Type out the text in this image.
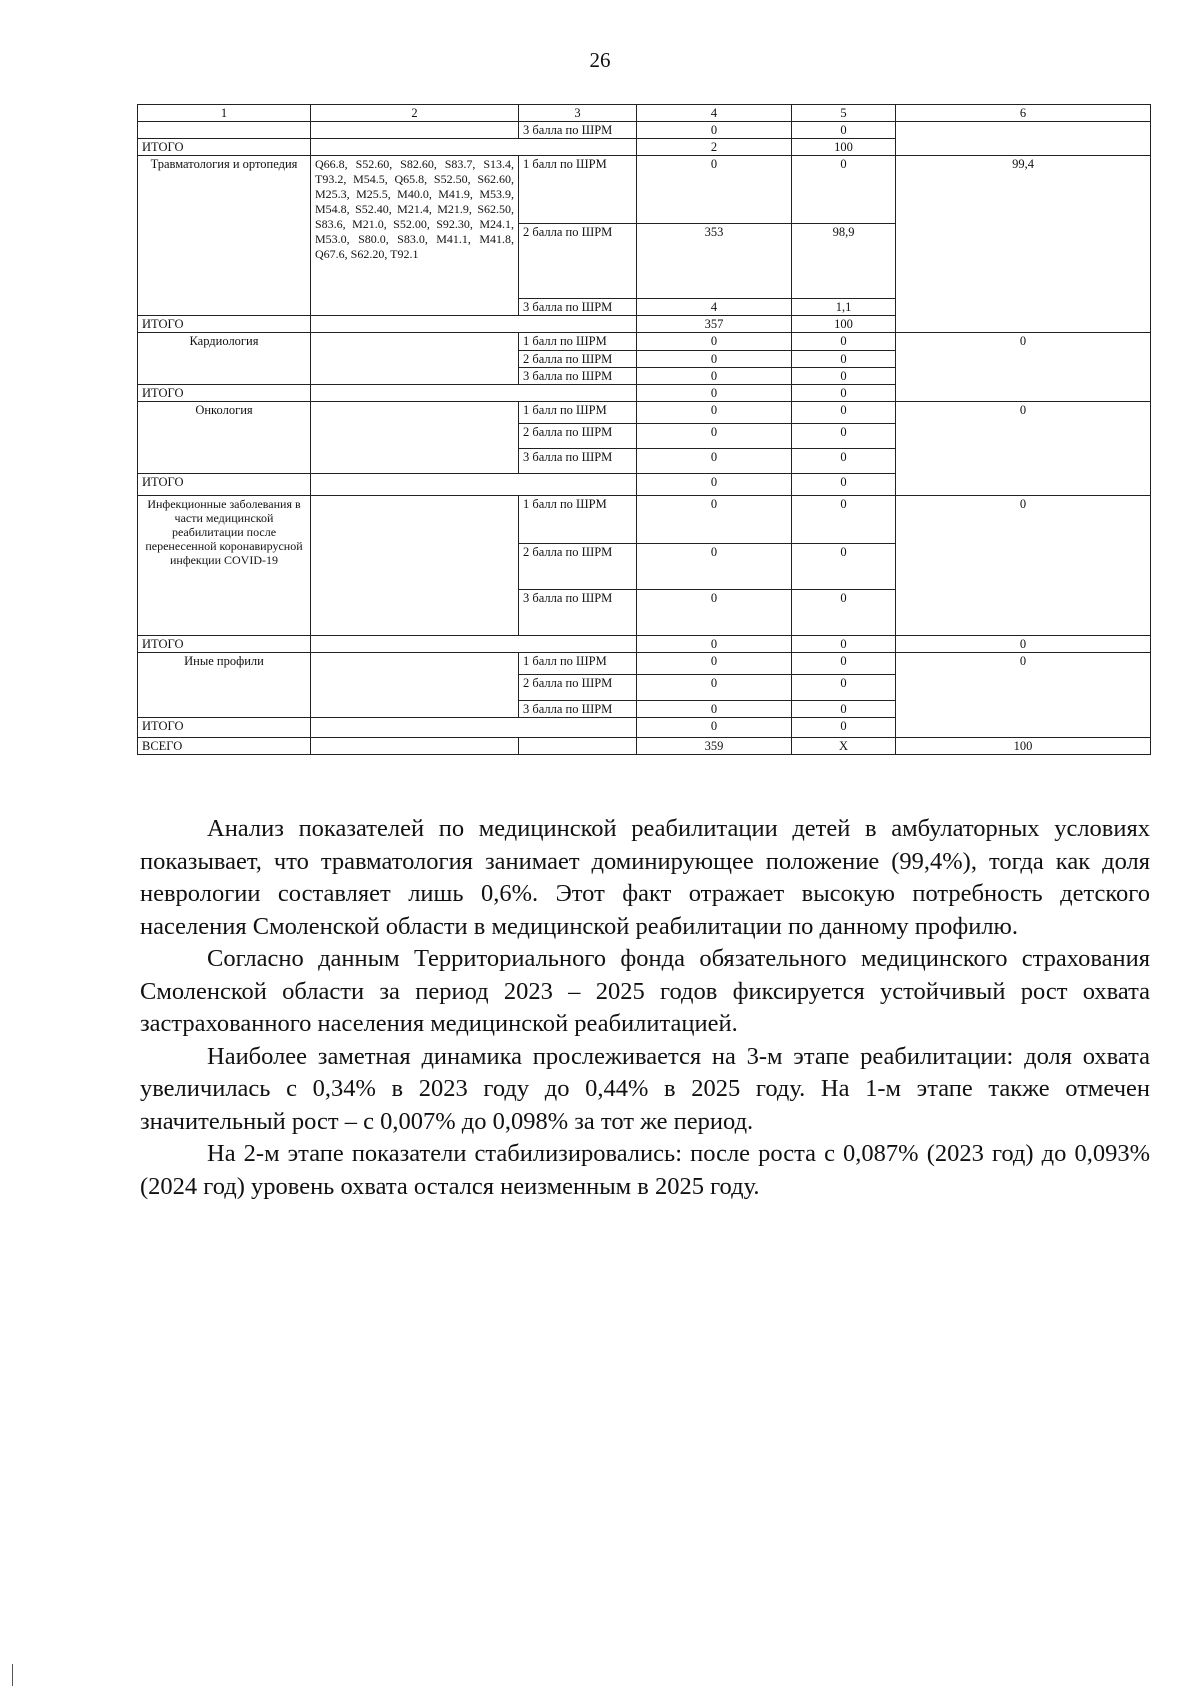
26
1	2	3	4	5	6
		3 балла по ШРМ	0	0	
ИТОГО			2	100	
Травматология и ортопедия	Q66.8, S52.60, S82.60, S83.7, S13.4, T93.2, M54.5, Q65.8, S52.50, S62.60, M25.3, M25.5, M40.0, M41.9, M53.9, M54.8, S52.40, M21.4, M21.9, S62.50, S83.6, M21.0, S52.00, S92.30, M24.1, M53.0, S80.0, S83.0, M41.1, M41.8, Q67.6, S62.20, T92.1	1 балл по ШРМ	0	0	99,4
		2 балла по ШРМ	353	98,9	
		3 балла по ШРМ	4	1,1	
ИТОГО			357	100	
Кардиология		1 балл по ШРМ	0	0	0
		2 балла по ШРМ	0	0	
		3 балла по ШРМ	0	0	
ИТОГО			0	0	
Онкология		1 балл по ШРМ	0	0	0
		2 балла по ШРМ	0	0	
		3 балла по ШРМ	0	0	
ИТОГО			0	0	
Инфекционные заболевания в части медицинской реабилитации после перенесенной коронавирусной инфекции COVID-19		1 балл по ШРМ	0	0	0
		2 балла по ШРМ	0	0	
		3 балла по ШРМ	0	0	
ИТОГО			0	0	0
Иные профили		1 балл по ШРМ	0	0	0
		2 балла по ШРМ	0	0	
		3 балла по ШРМ	0	0	
ИТОГО			0	0	
ВСЕГО			359	Х	100

Анализ показателей по медицинской реабилитации детей в амбулаторных условиях показывает, что травматология занимает доминирующее положение (99,4%), тогда как доля неврологии составляет лишь 0,6%. Этот факт отражает высокую потребность детского населения Смоленской области в медицинской реабилитации по данному профилю.

Согласно данным Территориального фонда обязательного медицинского страхования Смоленской области за период 2023 – 2025 годов фиксируется устойчивый рост охвата застрахованного населения медицинской реабилитацией.

Наиболее заметная динамика прослеживается на 3-м этапе реабилитации: доля охвата увеличилась с 0,34% в 2023 году до 0,44% в 2025 году. На 1-м этапе также отмечен значительный рост – с 0,007% до 0,098% за тот же период.

На 2-м этапе показатели стабилизировались: после роста с 0,087% (2023 год) до 0,093% (2024 год) уровень охвата остался неизменным в 2025 году.
